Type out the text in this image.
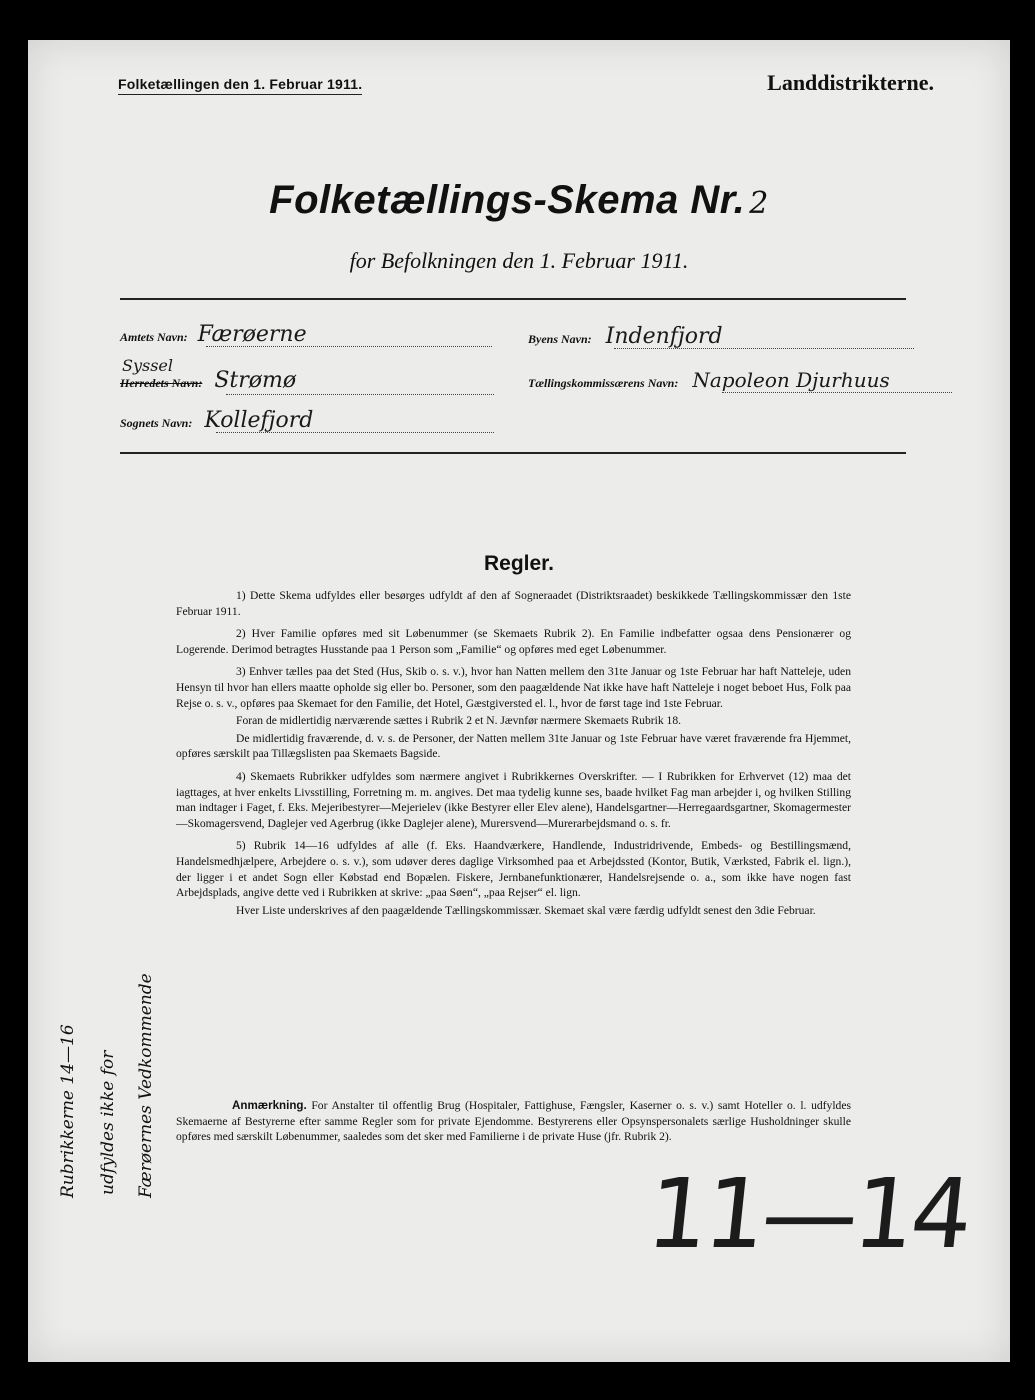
Folketællingen den 1. Februar 1911.	Landdistrikterne.
Folketællings-Skema Nr. 2
for Befolkningen den 1. Februar 1911.
Amtets Navn: Færøerne
Syssel
Herredets Navn: Strømø
Sognets Navn: Kollefjord
Byens Navn: Indenfjord
Tællingskommissærens Navn: Napoleon Djurhuus
Regler.

1) Dette Skema udfyldes eller besørges udfyldt af den af Sogneraadet (Distriktsraadet) beskikkede Tællingskommissær den 1ste Februar 1911.

2) Hver Familie opføres med sit Løbenummer (se Skemaets Rubrik 2). En Familie indbefatter ogsaa dens Pensionærer og Logerende. Derimod betragtes Husstande paa 1 Person som „Familie“ og opføres med eget Løbenummer.

3) Enhver tælles paa det Sted (Hus, Skib o. s. v.), hvor han Natten mellem den 31te Januar og 1ste Februar har haft Natteleje, uden Hensyn til hvor han ellers maatte opholde sig eller bo. Personer, som den paagældende Nat ikke have haft Natteleje i noget beboet Hus, Folk paa Rejse o. s. v., opføres paa Skemaet for den Familie, det Hotel, Gæstgiversted el. l., hvor de først tage ind 1ste Februar.

Foran de midlertidig nærværende sættes i Rubrik 2 et N. Jævnfør nærmere Skemaets Rubrik 18.

De midlertidig fraværende, d. v. s. de Personer, der Natten mellem 31te Januar og 1ste Februar have været fraværende fra Hjemmet, opføres særskilt paa Tillægslisten paa Skemaets Bagside.

4) Skemaets Rubrikker udfyldes som nærmere angivet i Rubrikkernes Overskrifter. — I Rubrikken for Erhvervet (12) maa det iagttages, at hver enkelts Livsstilling, Forretning m. m. angives. Det maa tydelig kunne ses, baade hvilket Fag man arbejder i, og hvilken Stilling man indtager i Faget, f. Eks. Mejeribestyrer—Mejerielev (ikke Bestyrer eller Elev alene), Handelsgartner—Herregaardsgartner, Skomagermester—Skomagersvend, Daglejer ved Agerbrug (ikke Daglejer alene), Murersvend—Murerarbejdsmand o. s. fr.

5) Rubrik 14—16 udfyldes af alle (f. Eks. Haandværkere, Handlende, Industridrivende, Embeds- og Bestillingsmænd, Handelsmedhjælpere, Arbejdere o. s. v.), som udøver deres daglige Virksomhed paa et Arbejdssted (Kontor, Butik, Værksted, Fabrik el. lign.), der ligger i et andet Sogn eller Købstad end Bopælen. Fiskere, Jernbanefunktionærer, Handelsrejsende o. a., som ikke have nogen fast Arbejdsplads, angive dette ved i Rubrikken at skrive: „paa Søen“, „paa Rejser“ el. lign.

Hver Liste underskrives af den paagældende Tællingskommissær. Skemaet skal være færdig udfyldt senest den 3die Februar.

Anmærkning. For Anstalter til offentlig Brug (Hospitaler, Fattighuse, Fængsler, Kaserner o. s. v.) samt Hoteller o. l. udfyldes Skemaerne af Bestyrerne efter samme Regler som for private Ejendomme. Bestyrerens eller Opsynspersonalets særlige Husholdninger skulle opføres med særskilt Løbenummer, saaledes som det sker med Familierne i de private Huse (jfr. Rubrik 2).
Rubrikkerne 14—16 udfyldes ikke for Færøernes Vedkommende
11—14
